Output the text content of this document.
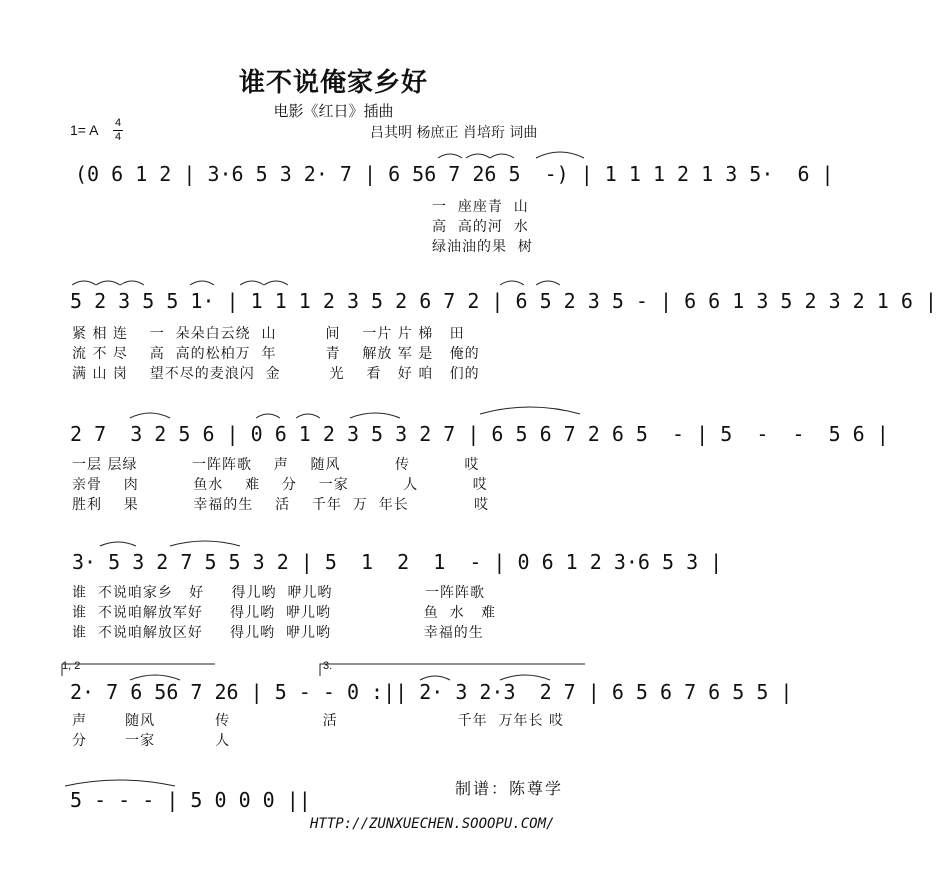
谁不说俺家乡好
电影《红日》插曲
1= A 4
4	吕其明 杨庶正 肖培珩 词曲
(0 6 1 2 | 3·6 5 3 2· 7 | 6 56 7 26 5  -) | 1 1 1 2 1 3 5·  6 |
一  座座青  山
高  高的河  水
绿油油的果  树
5 2 3 5 5 1· | 1 1 1 2 3 5 2 6 7 2 | 6 5 2 3 5 - | 6 6 1 3 5 2 3 2 1 6 |
紧 相 连    一  朵朵白云绕  山         间    一片 片 梯   田
流 不 尽    高  高的松柏万  年         青    解放 军 是   俺的
满 山 岗    望不尽的麦浪闪  金         光    看   好 咱   们的
2 7  3 2 5 6 | 0 6 1 2 3 5 3 2 7 | 6 5 6 7 2 6 5  - | 5  -  -  5 6 |
一层 层绿          一阵阵歌    声    随风          传          哎
亲骨    肉          鱼水    难    分    一家          人          哎
胜利    果          幸福的生    活    千年  万  年长            哎
3· 5 3 2 7 5 5 3 2 | 5  1  2  1  - | 0 6 1 2 3·6 5 3 |
谁  不说咱家乡   好     得儿哟  咿儿哟                 一阵阵歌
谁  不说咱解放军好     得儿哟  咿儿哟                 鱼  水   难
谁  不说咱解放区好     得儿哟  咿儿哟                 幸福的生
1, 2	3.
2· 7 6 56 7 26 | 5 - - 0 :|| 2· 3 2·3  2 7 | 6 5 6 7 6 5 5 |
声       随风           传                 活                      千年  万年长 哎
分       一家           人
5 - - - | 5 0 0 0 ||	制谱：陈尊学
HTTP://ZUNXUECHEN.SOOOPU.COM/
